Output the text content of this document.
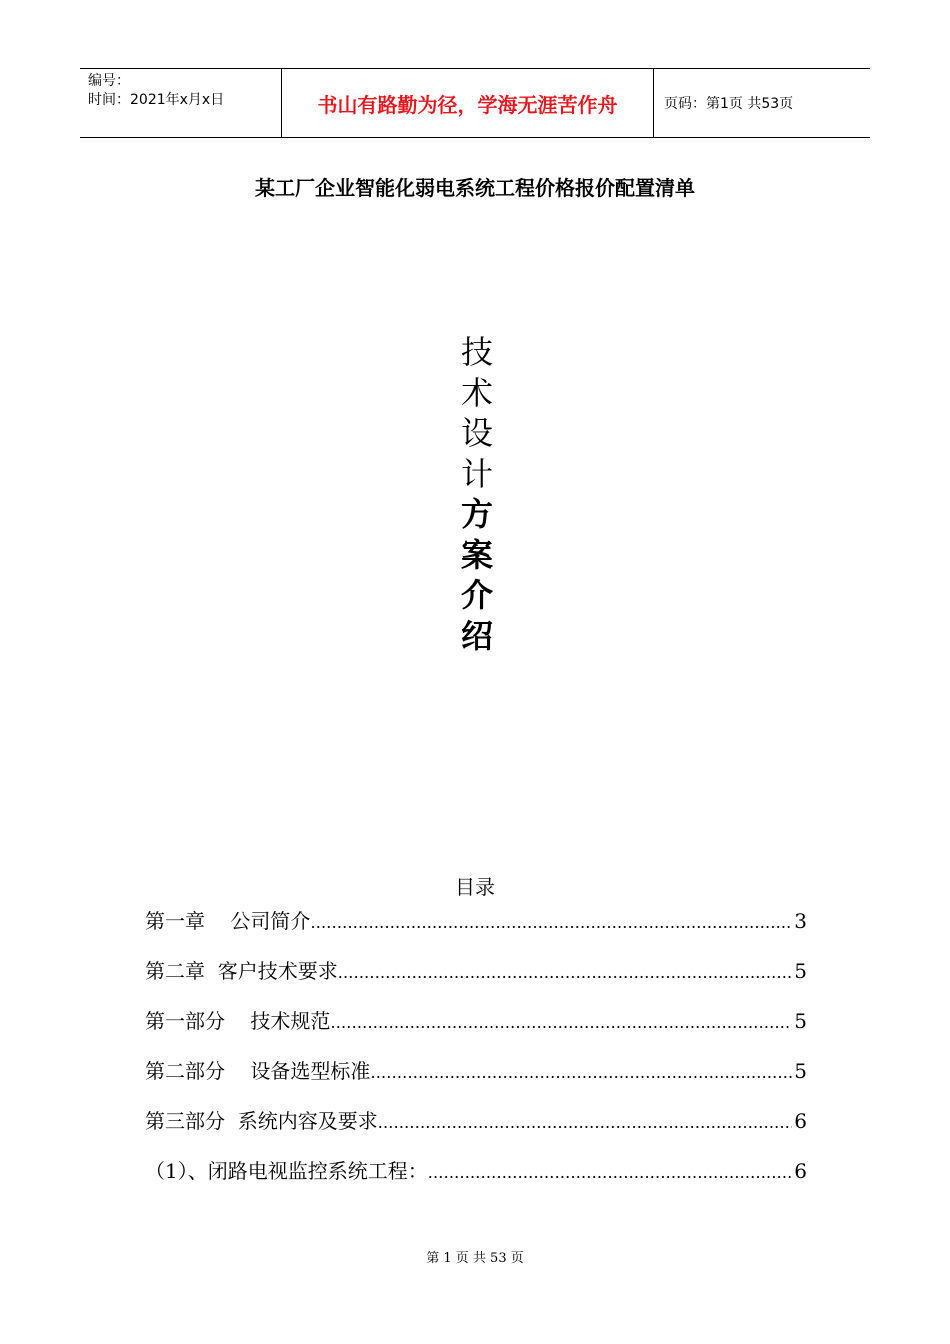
编号：
时间：2021年x月x日	书山有路勤为径，学海无涯苦作舟	页码：第1页 共53页
某工厂企业智能化弱电系统工程价格报价配置清单
技
术
设
计
方
案
介
绍
目录
第一章    公司简介 .....	3
第二章  客户技术要求 .....	5
第一部分    技术规范 .....	5
第二部分    设备选型标准 .....	5
第三部分  系统内容及要求 .....	6
（1）、闭路电视监控系统工程： .....	6
第 1 页 共 53 页
